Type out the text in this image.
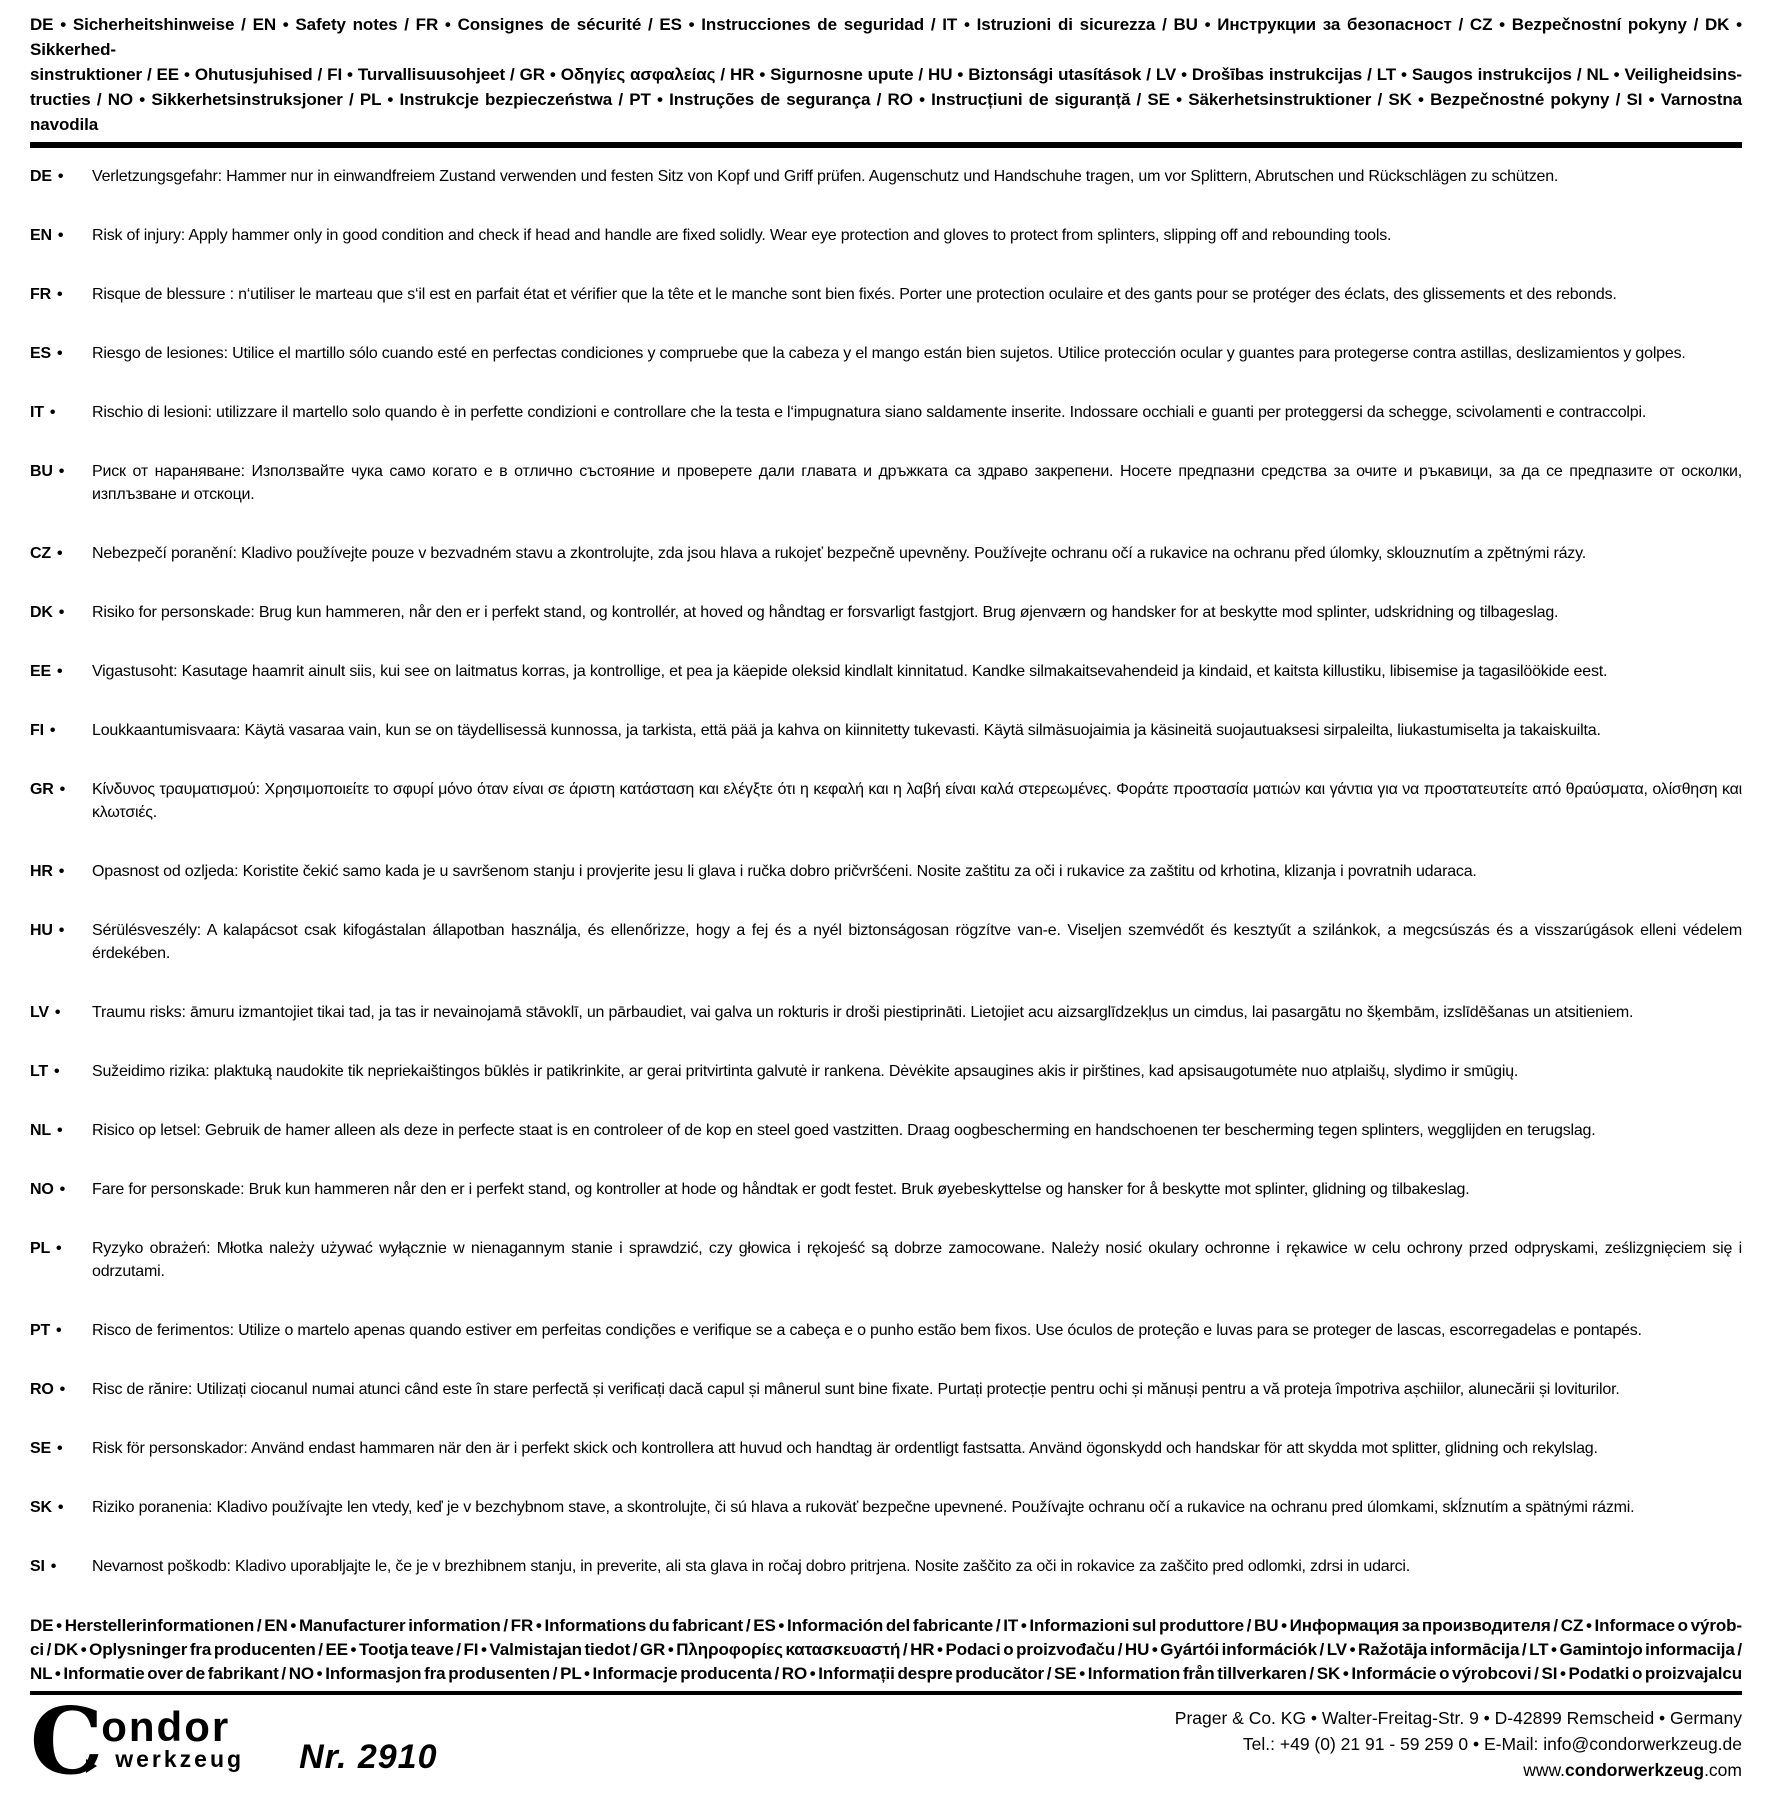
DE • Sicherheitshinweise / EN • Safety notes / FR • Consignes de sécurité / ES • Instrucciones de seguridad / IT • Istruzioni di sicurezza / BU • Инструкции за безопасност / CZ • Bezpečnostní pokyny / DK • Sikkerhed-
sinstruktioner / EE • Ohutusjuhised / FI • Turvallisuusohjeet / GR • Οδηγίες ασφαλείας / HR • Sigurnosne upute / HU • Biztonsági utasítások / LV • Drošības instrukcijas / LT • Saugos instrukcijos / NL • Veiligheidsins-
tructies / NO • Sikkerhetsinstruksjoner / PL • Instrukcje bezpieczeństwa / PT • Instruções de segurança / RO • Instrucțiuni de siguranță / SE • Säkerhetsinstruktioner / SK • Bezpečnostné pokyny / SI • Varnostna navodila

DE • Verletzungsgefahr: Hammer nur in einwandfreiem Zustand verwenden und festen Sitz von Kopf und Griff prüfen. Augenschutz und Handschuhe tragen, um vor Splittern, Abrutschen und Rückschlägen zu schützen.

EN • Risk of injury: Apply hammer only in good condition and check if head and handle are fixed solidly. Wear eye protection and gloves to protect from splinters, slipping off and rebounding tools.

FR • Risque de blessure : n‘utiliser le marteau que s‘il est en parfait état et vérifier que la tête et le manche sont bien fixés. Porter une protection oculaire et des gants pour se protéger des éclats, des glissements et des rebonds.

ES • Riesgo de lesiones: Utilice el martillo sólo cuando esté en perfectas condiciones y compruebe que la cabeza y el mango están bien sujetos. Utilice protección ocular y guantes para protegerse contra astillas, deslizamientos y golpes.

IT • Rischio di lesioni: utilizzare il martello solo quando è in perfette condizioni e controllare che la testa e l‘impugnatura siano saldamente inserite. Indossare occhiali e guanti per proteggersi da schegge, scivolamenti e contraccolpi.

BU • Риск от нараняване: Използвайте чука само когато е в отлично състояние и проверете дали главата и дръжката са здраво закрепени. Носете предпазни средства за очите и ръкавици, за да се предпазите от осколки, изплъзване и отскоци.

CZ • Nebezpečí poranění: Kladivo používejte pouze v bezvadném stavu a zkontrolujte, zda jsou hlava a rukojeť bezpečně upevněny. Používejte ochranu očí a rukavice na ochranu před úlomky, sklouznutím a zpětnými rázy.

DK • Risiko for personskade: Brug kun hammeren, når den er i perfekt stand, og kontrollér, at hoved og håndtag er forsvarligt fastgjort. Brug øjenværn og handsker for at beskytte mod splinter, udskridning og tilbageslag.

EE • Vigastusoht: Kasutage haamrit ainult siis, kui see on laitmatus korras, ja kontrollige, et pea ja käepide oleksid kindlalt kinnitatud. Kandke silmakaitsevahendeid ja kindaid, et kaitsta killustiku, libisemise ja tagasilöökide eest.

FI • Loukkaantumisvaara: Käytä vasaraa vain, kun se on täydellisessä kunnossa, ja tarkista, että pää ja kahva on kiinnitetty tukevasti. Käytä silmäsuojaimia ja käsineitä suojautuaksesi sirpaleilta, liukastumiselta ja takaiskuilta.

GR • Κίνδυνος τραυματισμού: Χρησιμοποιείτε το σφυρί μόνο όταν είναι σε άριστη κατάσταση και ελέγξτε ότι η κεφαλή και η λαβή είναι καλά στερεωμένες. Φοράτε προστασία ματιών και γάντια για να προστατευτείτε από θραύσματα, ολίσθηση και κλωτσιές.

HR • Opasnost od ozljeda: Koristite čekić samo kada je u savršenom stanju i provjerite jesu li glava i ručka dobro pričvršćeni. Nosite zaštitu za oči i rukavice za zaštitu od krhotina, klizanja i povratnih udaraca.

HU • Sérülésveszély: A kalapácsot csak kifogástalan állapotban használja, és ellenőrizze, hogy a fej és a nyél biztonságosan rögzítve van-e. Viseljen szemvédőt és kesztyűt a szilánkok, a megcsúszás és a visszarúgások elleni védelem érdekében.

LV • Traumu risks: āmuru izmantojiet tikai tad, ja tas ir nevainojamā stāvoklī, un pārbaudiet, vai galva un rokturis ir droši piestiprināti. Lietojiet acu aizsarglīdzekļus un cimdus, lai pasargātu no šķembām, izslīdēšanas un atsitieniem.

LT • Sužeidimo rizika: plaktuką naudokite tik nepriekaištingos būklės ir patikrinkite, ar gerai pritvirtinta galvutė ir rankena. Dėvėkite apsaugines akis ir pirštines, kad apsisaugotumėte nuo atplaišų, slydimo ir smūgių.

NL • Risico op letsel: Gebruik de hamer alleen als deze in perfecte staat is en controleer of de kop en steel goed vastzitten. Draag oogbescherming en handschoenen ter bescherming tegen splinters, wegglijden en terugslag.

NO • Fare for personskade: Bruk kun hammeren når den er i perfekt stand, og kontroller at hode og håndtak er godt festet. Bruk øyebeskyttelse og hansker for å beskytte mot splinter, glidning og tilbakeslag.

PL • Ryzyko obrażeń: Młotka należy używać wyłącznie w nienagannym stanie i sprawdzić, czy głowica i rękojeść są dobrze zamocowane. Należy nosić okulary ochronne i rękawice w celu ochrony przed odpryskami, ześlizgnięciem się i odrzutami.

PT • Risco de ferimentos: Utilize o martelo apenas quando estiver em perfeitas condições e verifique se a cabeça e o punho estão bem fixos. Use óculos de proteção e luvas para se proteger de lascas, escorregadelas e pontapés.

RO • Risc de rănire: Utilizați ciocanul numai atunci când este în stare perfectă și verificați dacă capul și mânerul sunt bine fixate. Purtați protecție pentru ochi și mănuși pentru a vă proteja împotriva așchiilor, alunecării și loviturilor.

SE • Risk för personskador: Använd endast hammaren när den är i perfekt skick och kontrollera att huvud och handtag är ordentligt fastsatta. Använd ögonskydd och handskar för att skydda mot splitter, glidning och rekylslag.

SK • Riziko poranenia: Kladivo používajte len vtedy, keď je v bezchybnom stave, a skontrolujte, či sú hlava a rukoväť bezpečne upevnené. Používajte ochranu očí a rukavice na ochranu pred úlomkami, skĺznutím a spätnými rázmi.

SI • Nevarnost poškodb: Kladivo uporabljajte le, če je v brezhibnem stanju, in preverite, ali sta glava in ročaj dobro pritrjena. Nosite zaščito za oči in rokavice za zaščito pred odlomki, zdrsi in udarci.

DE • Herstellerinformationen / EN • Manufacturer information / FR • Informations du fabricant / ES • Información del fabricante / IT • Informazioni sul produttore / BU • Информация за производителя / CZ • Informace o výrob-
ci / DK • Oplysninger fra producenten / EE • Tootja teave / FI • Valmistajan tiedot / GR • Πληροφορίες κατασκευαστή / HR • Podaci o proizvođaču / HU • Gyártói információk / LV • Ražotāja informācija / LT • Gamintojo informacija /
NL • Informatie over de fabrikant / NO • Informasjon fra produsenten / PL • Informacje producenta / RO • Informații despre producător / SE • Information från tillverkaren / SK • Informácie o výrobcovi / SI • Podatki o proizvajalcu
C ondor
werkzeug Nr. 2910
Prager & Co. KG • Walter-Freitag-Str. 9 • D-42899 Remscheid • Germany
Tel.: +49 (0) 21 91 - 59 259 0 • E-Mail: info@condorwerkzeug.de
www.condorwerkzeug.com
